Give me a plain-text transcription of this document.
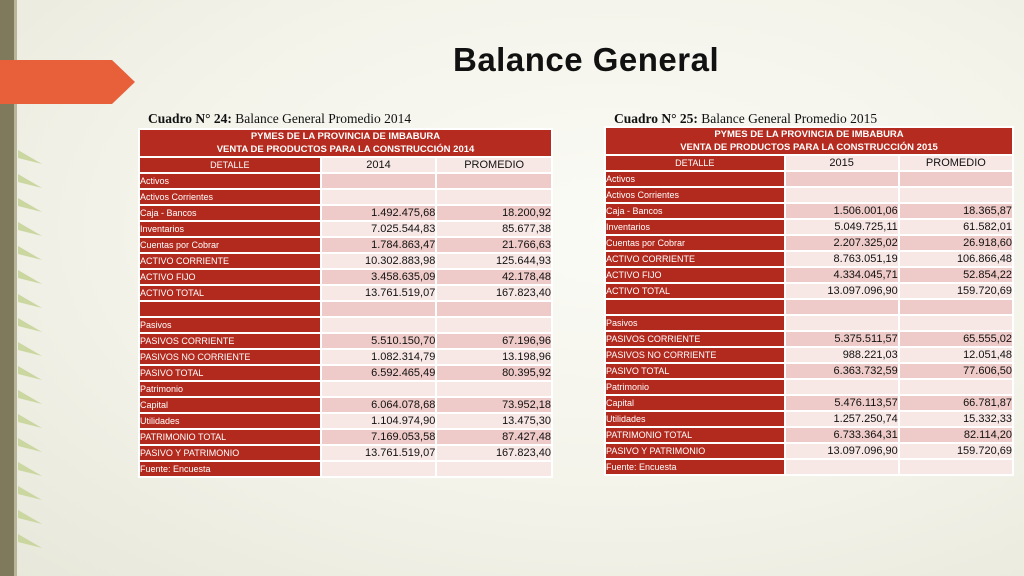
Balance General
Cuadro N° 24: Balance General Promedio 2014	Cuadro N° 25: Balance General Promedio 2015
PYMES DE LA PROVINCIA DE IMBABURA
VENTA DE PRODUCTOS PARA LA CONSTRUCCIÓN 2014		

DETALLE	2014	PROMEDIO
Activos		
Activos Corrientes		
Caja - Bancos	1.492.475,68	18.200,92
Inventarios	7.025.544,83	85.677,38
Cuentas por Cobrar	1.784.863,47	21.766,63
ACTIVO CORRIENTE	10.302.883,98	125.644,93
ACTIVO FIJO	3.458.635,09	42.178,48
ACTIVO TOTAL	13.761.519,07	167.823,40

Pasivos		
PASIVOS CORRIENTE	5.510.150,70	67.196,96
PASIVOS NO CORRIENTE	1.082.314,79	13.198,96
PASIVO TOTAL	6.592.465,49	80.395,92
Patrimonio		
Capital	6.064.078,68	73.952,18
Utilidades	1.104.974,90	13.475,30
PATRIMONIO TOTAL	7.169.053,58	87.427,48
PASIVO Y PATRIMONIO	13.761.519,07	167.823,40
Fuente: Encuesta		
PYMES DE LA PROVINCIA DE IMBABURA
VENTA DE PRODUCTOS PARA LA CONSTRUCCIÓN 2015		

DETALLE	2015	PROMEDIO
Activos		
Activos Corrientes		
Caja - Bancos	1.506.001,06	18.365,87
Inventarios	5.049.725,11	61.582,01
Cuentas por Cobrar	2.207.325,02	26.918,60
ACTIVO CORRIENTE	8.763.051,19	106.866,48
ACTIVO FIJO	4.334.045,71	52.854,22
ACTIVO TOTAL	13.097.096,90	159.720,69

Pasivos		
PASIVOS CORRIENTE	5.375.511,57	65.555,02
PASIVOS NO CORRIENTE	988.221,03	12.051,48
PASIVO TOTAL	6.363.732,59	77.606,50
Patrimonio		
Capital	5.476.113,57	66.781,87
Utilidades	1.257.250,74	15.332,33
PATRIMONIO TOTAL	6.733.364,31	82.114,20
PASIVO Y PATRIMONIO	13.097.096,90	159.720,69
Fuente: Encuesta		
